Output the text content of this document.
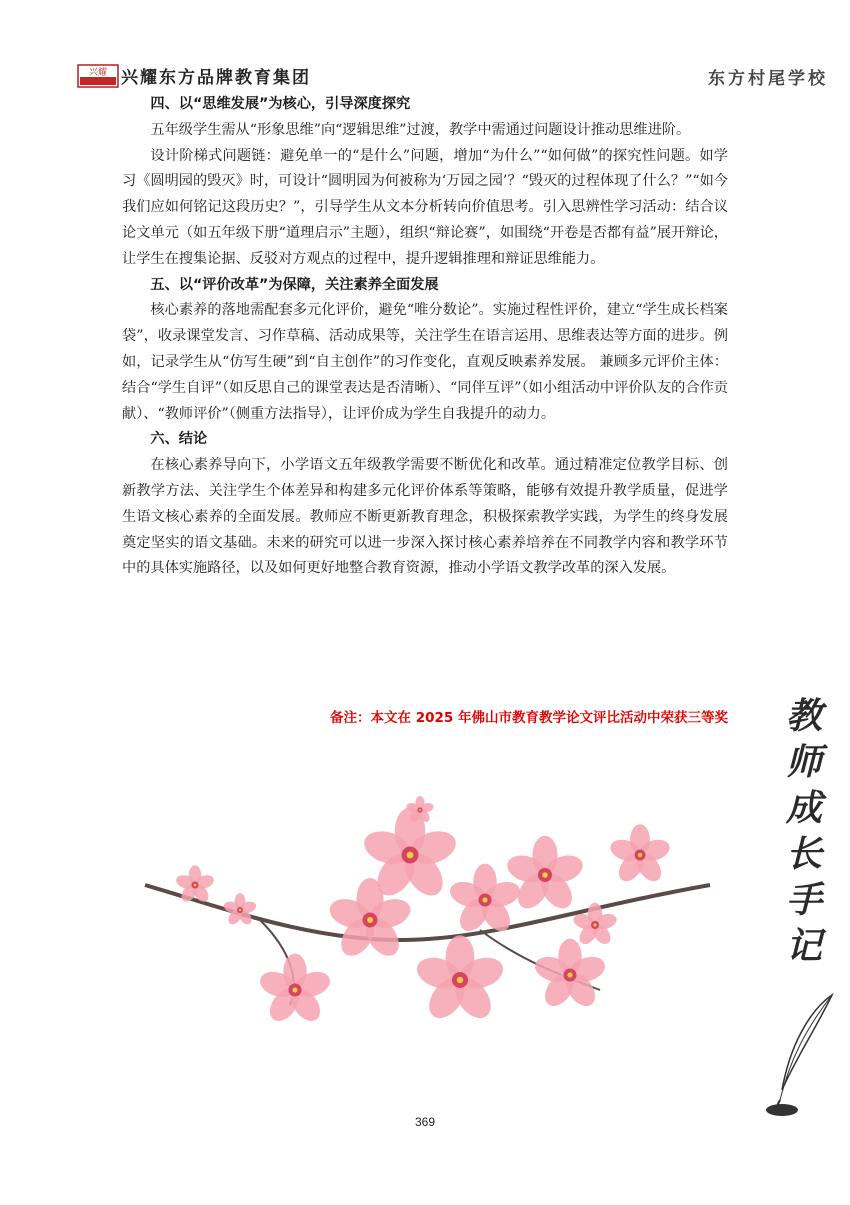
兴耀 兴耀东方品牌教育集团	东方村尾学校
四、以“思维发展”为核心，引导深度探究

五年级学生需从“形象思维”向“逻辑思维”过渡，教学中需通过问题设计推动思维进阶。

设计阶梯式问题链：避免单一的“是什么”问题，增加“为什么”“如何做”的探究性问题。如学习《圆明园的毁灭》时，可设计“圆明园为何被称为‘万园之园’？“毁灭的过程体现了什么？”“如今我们应如何铭记这段历史？”，引导学生从文本分析转向价值思考。引入思辨性学习活动：结合议论文单元（如五年级下册“道理启示”主题），组织“辩论赛”，如围绕“开卷是否都有益”展开辩论，让学生在搜集论据、反驳对方观点的过程中，提升逻辑推理和辩证思维能力。

五、以“评价改革”为保障，关注素养全面发展

核心素养的落地需配套多元化评价，避免“唯分数论”。实施过程性评价，建立“学生成长档案袋”，收录课堂发言、习作草稿、活动成果等，关注学生在语言运用、思维表达等方面的进步。例如，记录学生从“仿写生硬”到“自主创作”的习作变化，直观反映素养发展。 兼顾多元评价主体：结合“学生自评”（如反思自己的课堂表达是否清晰）、“同伴互评”（如小组活动中评价队友的合作贡献）、“教师评价”（侧重方法指导），让评价成为学生自我提升的动力。

六、结论

在核心素养导向下，小学语文五年级教学需要不断优化和改革。通过精准定位教学目标、创新教学方法、关注学生个体差异和构建多元化评价体系等策略，能够有效提升教学质量，促进学生语文核心素养的全面发展。教师应不断更新教育理念，积极探索教学实践，为学生的终身发展奠定坚实的语文基础。未来的研究可以进一步深入探讨核心素养培养在不同教学内容和教学环节中的具体实施路径，以及如何更好地整合教育资源，推动小学语文教学改革的深入发展。

备注：本文在 2025 年佛山市教育教学论文评比活动中荣获三等奖
369
教
师
成
长
手
记
